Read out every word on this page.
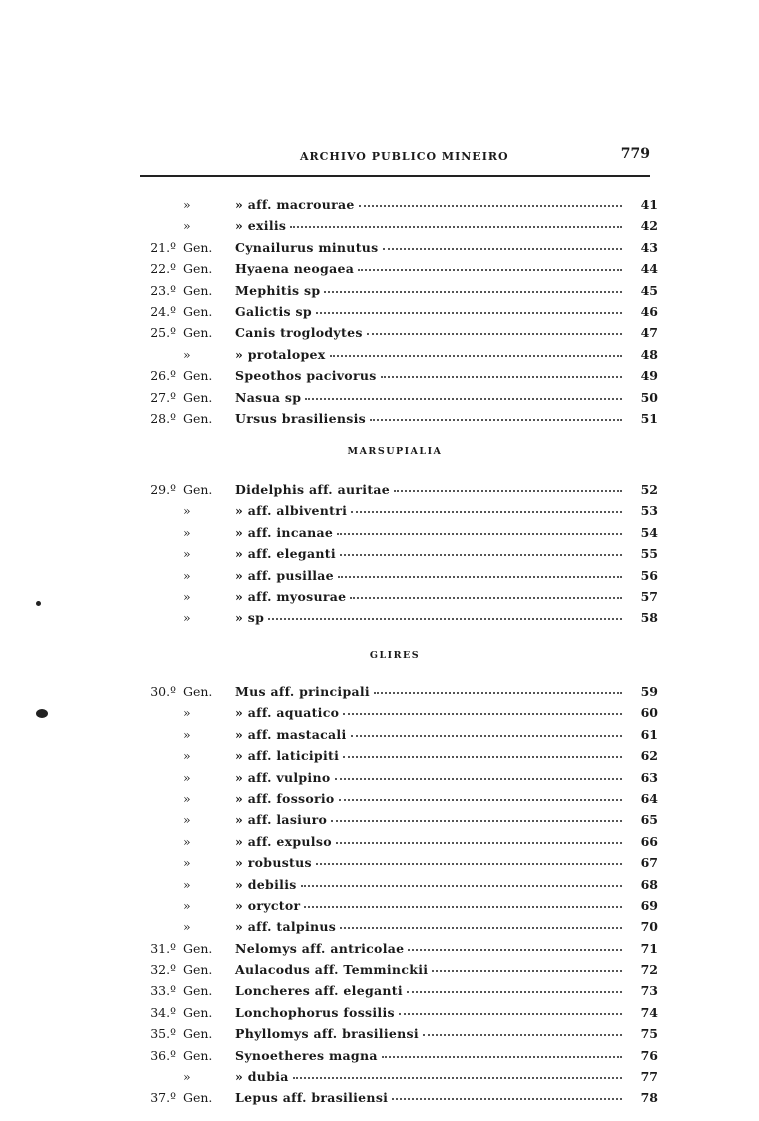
ARCHIVO PUBLICO MINEIRO	779
»	» aff. macrourae	41
»	» exilis	42
21.º Gen. Cynailurus minutus	43
22.º Gen. Hyaena neogaea	44
23.º Gen. Mephitis sp	45
24.º Gen. Galictis sp	46
25.º Gen. Canis troglodytes	47
»	» protalopex	48
26.º Gen. Speothos pacivorus	49
27.º Gen. Nasua sp	50
28.º Gen. Ursus brasiliensis	51
MARSUPIALIA
29.º Gen. Didelphis aff. auritae	52
»	» aff. albiventri	53
»	» aff. incanae	54
»	» aff. eleganti	55
»	» aff. pusillae	56
»	» aff. myosurae	57
»	» sp	58
GLIRES
30.º Gen. Mus aff. principali	59
»	» aff. aquatico	60
»	» aff. mastacali	61
»	» aff. laticipiti	62
»	» aff. vulpino	63
»	» aff. fossorio	64
»	» aff. lasiuro	65
»	» aff. expulso	66
»	» robustus	67
»	» debilis	68
»	» oryctor	69
»	» aff. talpinus	70
31.º Gen. Nelomys aff. antricolae	71
32.º Gen. Aulacodus aff. Temminckii	72
33.º Gen. Loncheres aff. eleganti	73
34.º Gen. Lonchophorus fossilis	74
35.º Gen. Phyllomys aff. brasiliensi	75
36.º Gen. Synoetheres magna	76
»	» dubia	77
37.º Gen. Lepus aff. brasiliensi	78
